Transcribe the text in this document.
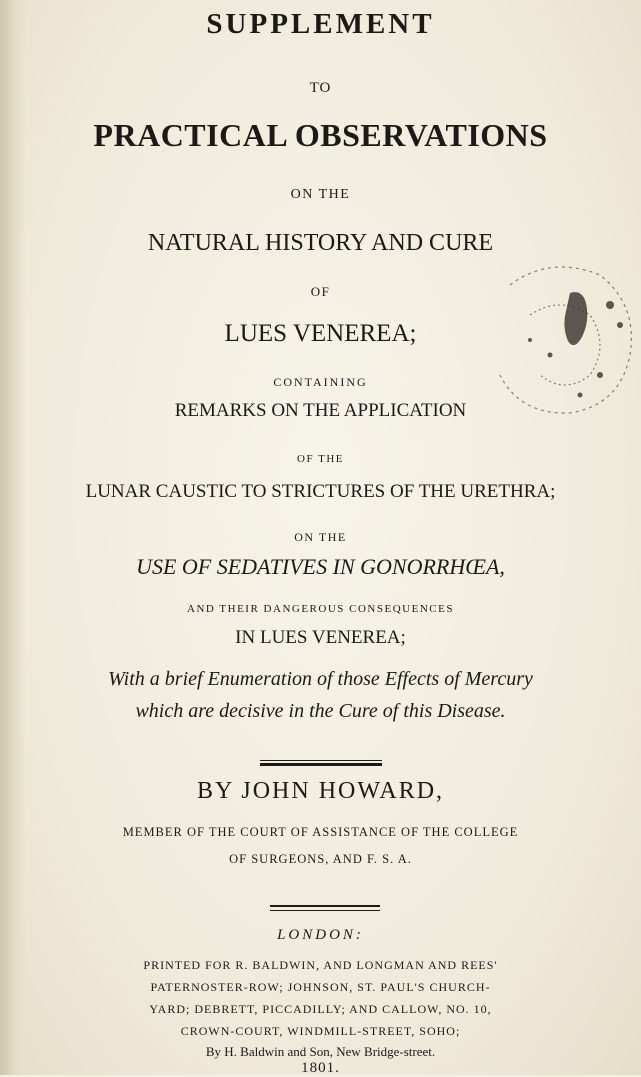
SUPPLEMENT
TO
PRACTICAL OBSERVATIONS
ON THE
NATURAL HISTORY AND CURE
OF
LUES VENEREA;
CONTAINING
REMARKS ON THE APPLICATION
OF THE
LUNAR CAUSTIC TO STRICTURES OF THE URETHRA;
ON THE
USE OF SEDATIVES IN GONORRHŒA,
AND THEIR DANGEROUS CONSEQUENCES
IN LUES VENEREA;
With a brief Enumeration of those Effects of Mercury
which are decisive in the Cure of this Disease.
BY JOHN HOWARD,
MEMBER OF THE COURT OF ASSISTANCE OF THE COLLEGE
OF SURGEONS, AND F. S. A.
LONDON:
PRINTED FOR R. BALDWIN, AND LONGMAN AND REES'
PATERNOSTER-ROW; JOHNSON, ST. PAUL'S CHURCH-
YARD; DEBRETT, PICCADILLY; AND CALLOW, NO. 10,
CROWN-COURT, WINDMILL-STREET, SOHO;
By H. Baldwin and Son, New Bridge-street.
1801.
